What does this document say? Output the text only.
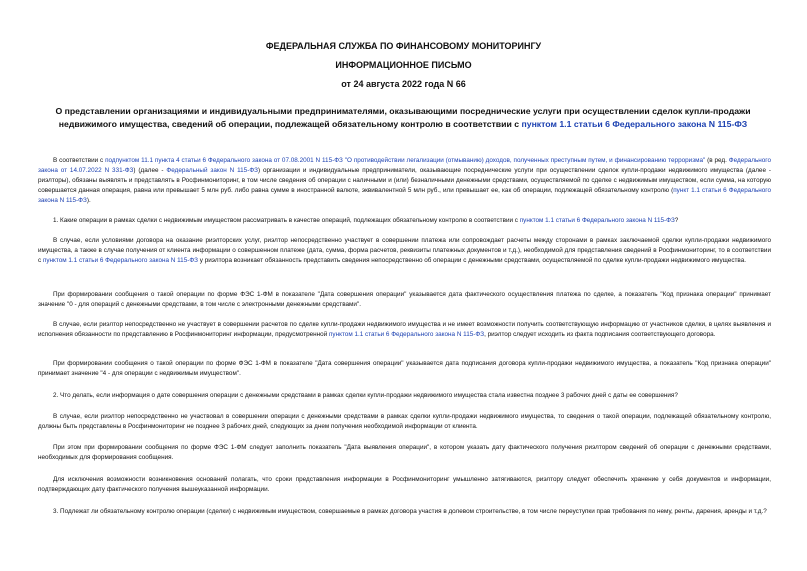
ФЕДЕРАЛЬНАЯ СЛУЖБА ПО ФИНАНСОВОМУ МОНИТОРИНГУ
ИНФОРМАЦИОННОЕ ПИСЬМО
от 24 августа 2022 года N 66
О представлении организациями и индивидуальными предпринимателями, оказывающими посреднические услуги при осуществлении сделок купли-продажи недвижимого имущества, сведений об операции, подлежащей обязательному контролю в соответствии с пунктом 1.1 статьи 6 Федерального закона N 115-ФЗ
В соответствии с подпунктом 11.1 пункта 4 статьи 6 Федерального закона от 07.08.2001 N 115-ФЗ "О противодействии легализации (отмыванию) доходов, полученных преступным путем, и финансированию терроризма" (в ред. Федерального закона от 14.07.2022 N 331-ФЗ) (далее - Федеральный закон N 115-ФЗ) организации и индивидуальные предприниматели, оказывающие посреднические услуги при осуществлении сделок купли-продажи недвижимого имущества (далее - риэлторы), обязаны выявлять и представлять в Росфинмониторинг, в том числе сведения об операции с наличными и (или) безналичными денежными средствами, осуществляемой по сделке с недвижимым имуществом, если сумма, на которую совершается данная операция, равна или превышает 5 млн руб. либо равна сумме в иностранной валюте, эквивалентной 5 млн руб., или превышает ее, как об операции, подлежащей обязательному контролю (пункт 1.1 статьи 6 Федерального закона N 115-ФЗ).
1. Какие операции в рамках сделки с недвижимым имуществом рассматривать в качестве операций, подлежащих обязательному контролю в соответствии с пунктом 1.1 статьи 6 Федерального закона N 115-ФЗ?
В случае, если условиями договора на оказание риэлторских услуг, риэлтор непосредственно участвует в совершении платежа или сопровождает расчеты между сторонами в рамках заключаемой сделки купли-продажи недвижимого имущества, а также в случае получения от клиента информации о совершенном платеже (дата, сумма, форма расчетов, реквизиты платежных документов и т.д.), необходимой для представления сведений в Росфинмониторинг, то в соответствии с пунктом 1.1 статьи 6 Федерального закона N 115-ФЗ у риэлтора возникает обязанность представить сведения непосредственно об операции с денежными средствами, осуществляемой по сделке купли-продажи недвижимого имущества.
При формировании сообщения о такой операции по форме ФЭС 1-ФМ в показателе "Дата совершения операции" указывается дата фактического осуществления платежа по сделке, а показатель "Код признака операции" принимает значение "0 - для операций с денежными средствами, в том числе с электронными денежными средствами".
В случае, если риэлтор непосредственно не участвует в совершении расчетов по сделке купли-продажи недвижимого имущества и не имеет возможности получить соответствующую информацию от участников сделки, в целях выявления и исполнения обязанности по представлению в Росфинмониторинг информации, предусмотренной пунктом 1.1 статьи 6 Федерального закона N 115-ФЗ, риэлтор следует исходить из факта подписания соответствующего договора.
При формировании сообщения о такой операции по форме ФЭС 1-ФМ в показателе "Дата совершения операции" указывается дата подписания договора купли-продажи недвижимого имущества, а показатель "Код признака операции" принимает значение "4 - для операции с недвижимым имуществом".
2. Что делать, если информация о дате совершения операции с денежными средствами в рамках сделки купли-продажи недвижимого имущества стала известна позднее 3 рабочих дней с даты ее совершения?
В случае, если риэлтор непосредственно не участвовал в совершении операции с денежными средствами в рамках сделки купли-продажи недвижимого имущества, то сведения о такой операции, подлежащей обязательному контролю, должны быть представлены в Росфинмониторинг не позднее 3 рабочих дней, следующих за днем получения необходимой информации от клиента.
При этом при формировании сообщения по форме ФЭС 1-ФМ следует заполнить показатель "Дата выявления операции", в котором указать дату фактического получения риэлтором сведений об операции с денежными средствами, необходимых для формирования сообщения.
Для исключения возможности возникновения оснований полагать, что сроки представления информации в Росфинмониторинг умышленно затягиваются, риэлтору следует обеспечить хранение у себя документов и информации, подтверждающих дату фактического получения вышеуказанной информации.
3. Подлежат ли обязательному контролю операции (сделки) с недвижимым имуществом, совершаемые в рамках договора участия в долевом строительстве, в том числе переуступки прав требования по нему, ренты, дарения, аренды и т.д.?
